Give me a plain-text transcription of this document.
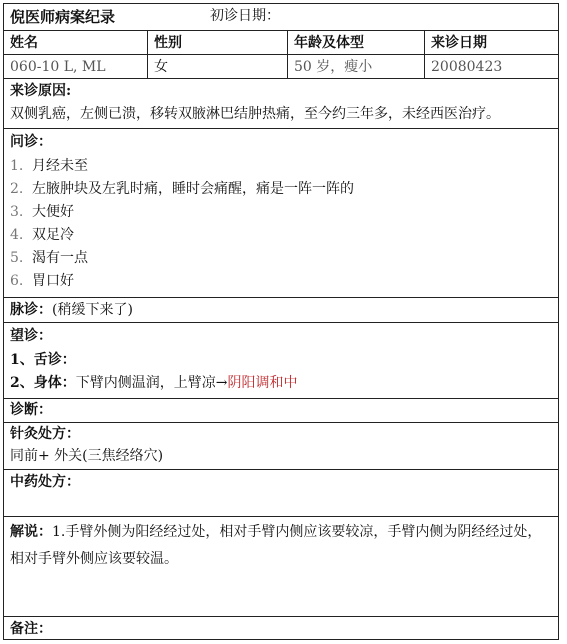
倪医师病案纪录	初诊日期：
姓名	性别	年龄及体型	来诊日期
060-10 L, ML	女	50 岁，瘦小	20080423
来诊原因:
双侧乳癌，左侧已溃，移转双腋淋巴结肿热痛，至今约三年多，未经西医治疗。
问诊：
1. 月经未至
2. 左腋肿块及左乳时痛，睡时会痛醒，痛是一阵一阵的
3. 大便好
4. 双足冷
5. 渴有一点
6. 胃口好
脉诊：(稍缓下来了)
望诊：
1、舌诊：
2、身体：下臂内侧温润，上臂凉→阴阳调和中
诊断：
针灸处方：
同前+ 外关(三焦经络穴)
中药处方：
解说：1.手臂外侧为阳经经过处，相对手臂内侧应该要较凉，手臂内侧为阴经经过处，相对手臂外侧应该要较温。
备注：
